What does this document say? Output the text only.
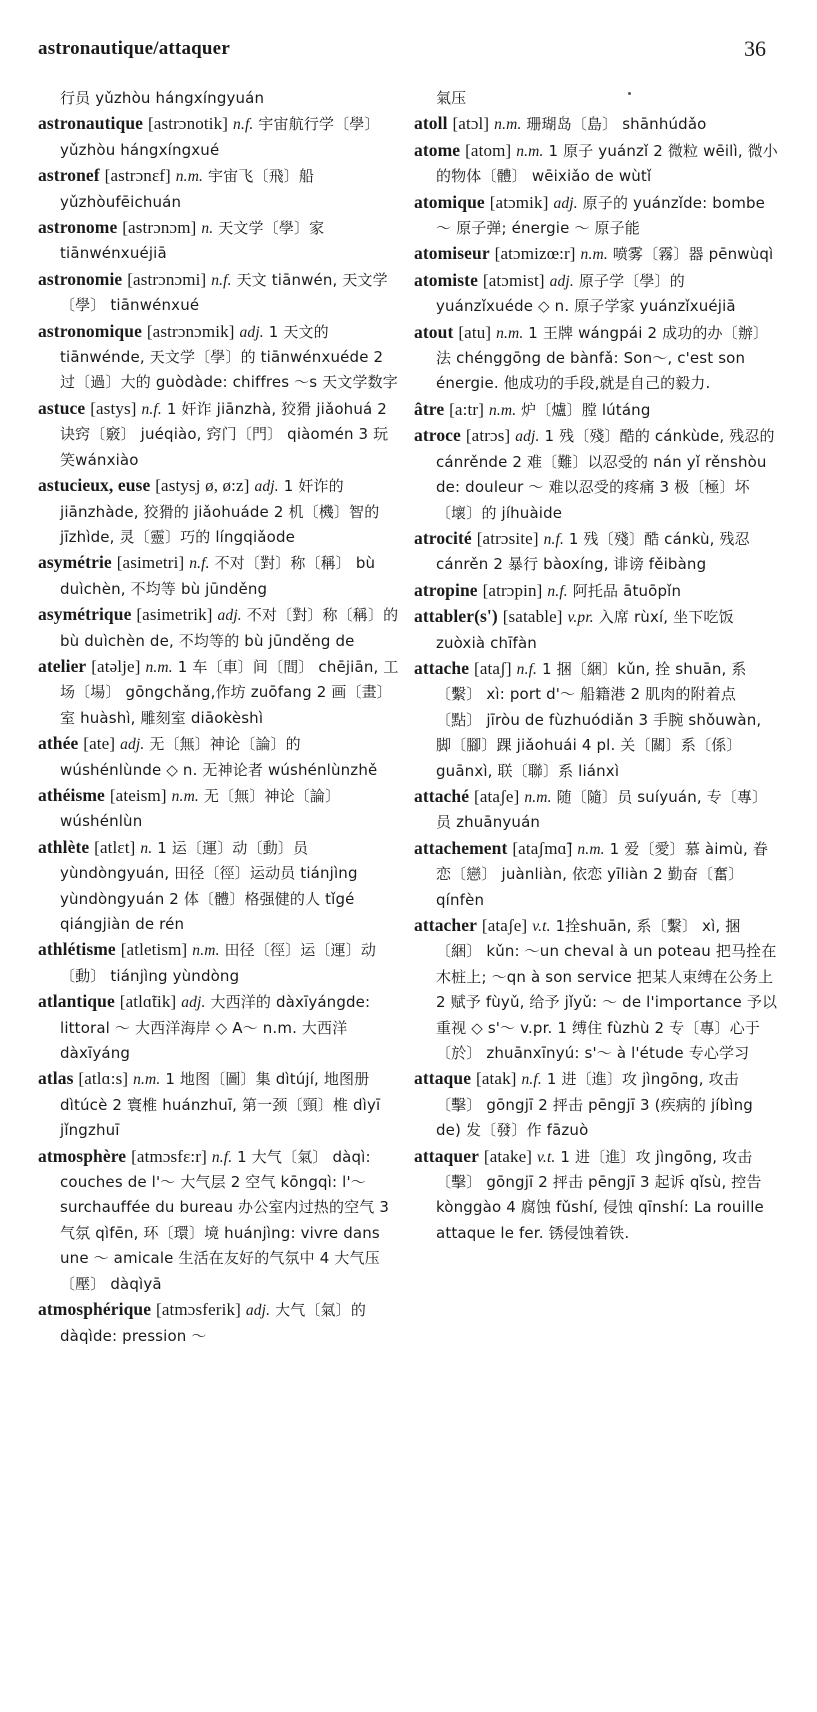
astronautique/attaquer	36

行员 yǔzhòu hángxíngyuán

astronautique [astrɔnotik] n.f. 宇宙航行学〔學〕 yǔzhòu hángxíngxué

astronef [astrɔnɛf] n.m. 宇宙飞〔飛〕船 yǔzhòufēichuán

astronome [astrɔnɔm] n. 天文学〔學〕家 tiānwénxuéjiā

astronomie [astrɔnɔmi] n.f. 天文 tiānwén, 天文学〔學〕 tiānwénxué

astronomique [astrɔnɔmik] adj. 1 天文的 tiānwénde, 天文学〔學〕的 tiānwénxuéde 2 过〔過〕大的 guòdàde: chiffres ～s 天文学数字

astuce [astys] n.f. 1 奸诈 jiānzhà, 狡猾 jiǎohuá 2 诀窍〔竅〕 juéqiào, 窍门〔門〕 qiàomén 3 玩笑wánxiào

astucieux, euse [astysj ø, ø:z] adj. 1 奸诈的 jiānzhàde, 狡猾的 jiǎohuáde 2 机〔機〕智的 jīzhìde, 灵〔靈〕巧的 língqiǎode

asymétrie [asimetri] n.f. 不对〔對〕称〔稱〕 bù duìchèn, 不均等 bù jūnděng

asymétrique [asimetrik] adj. 不对〔對〕称〔稱〕的 bù duìchèn de, 不均等的 bù jūnděng de

atelier [atəlje] n.m. 1 车〔車〕间〔間〕 chējiān, 工场〔場〕 gōngchǎng,作坊 zuōfang 2 画〔畫〕室 huàshì, 雕刻室 diāokèshì

athée [ate] adj. 无〔無〕神论〔論〕的 wúshénlùnde ◇ n. 无神论者 wúshénlùnzhě

athéisme [ateism] n.m. 无〔無〕神论〔論〕 wúshénlùn

athlète [atlɛt] n. 1 运〔運〕动〔動〕员 yùndòngyuán, 田径〔徑〕运动员 tiánjìng yùndòngyuán 2 体〔體〕格强健的人 tǐgé qiángjiàn de rén

athlétisme [atletism] n.m. 田径〔徑〕运〔運〕动〔動〕 tiánjìng yùndòng

atlantique [atlɑ̃tik] adj. 大西洋的 dàxīyángde: littoral ～ 大西洋海岸 ◇ A～ n.m. 大西洋 dàxīyáng

atlas [atlɑ:s] n.m. 1 地图〔圖〕集 dìtújí, 地图册 dìtúcè 2 寰椎 huánzhuī, 第一颈〔頸〕椎 dìyī jǐngzhuī

atmosphère [atmɔsfɛ:r] n.f. 1 大气〔氣〕 dàqì: couches de l'～ 大气层 2 空气 kōngqì: l'～ surchauffée du bureau 办公室内过热的空气 3 气氛 qìfēn, 环〔環〕境 huánjìng: vivre dans une ～ amicale 生活在友好的气氛中 4 大气压〔壓〕 dàqìyā

atmosphérique [atmɔsferik] adj. 大气〔氣〕的 dàqìde: pression ～

氣压

atoll [atɔl] n.m. 珊瑚岛〔島〕 shānhúdǎo

atome [atom] n.m. 1 原子 yuánzǐ 2 微粒 wēilì, 微小的物体〔體〕 wēixiǎo de wùtǐ

atomique [atɔmik] adj. 原子的 yuánzǐde: bombe ～ 原子弹; énergie ～ 原子能

atomiseur [atɔmizœ:r] n.m. 喷雾〔霧〕器 pēnwùqì

atomiste [atɔmist] adj. 原子学〔學〕的 yuánzǐxuéde ◇ n. 原子学家 yuánzǐxuéjiā

atout [atu] n.m. 1 王牌 wángpái 2 成功的办〔辦〕法 chénggōng de bànfǎ: Son～, c'est son énergie. 他成功的手段,就是自己的毅力.

âtre [a:tr] n.m. 炉〔爐〕膛 lútáng

atroce [atrɔs] adj. 1 残〔殘〕酷的 cánkùde, 残忍的 cánrěnde 2 难〔難〕以忍受的 nán yǐ rěnshòu de: douleur ～ 难以忍受的疼痛 3 极〔極〕坏〔壞〕的 jíhuàide

atrocité [atrɔsite] n.f. 1 残〔殘〕酷 cánkù, 残忍 cánrěn 2 暴行 bàoxíng, 诽谤 fěibàng

atropine [atrɔpin] n.f. 阿托品 ātuōpǐn

attabler(s') [satable] v.pr. 入席 rùxí, 坐下吃饭 zuòxià chīfàn

attache [ataʃ] n.f. 1 捆〔綑〕kǔn, 拴 shuān, 系〔繫〕 xì: port d'～ 船籍港 2 肌肉的附着点〔點〕 jīròu de fùzhuódiǎn 3 手腕 shǒuwàn, 脚〔腳〕踝 jiǎohuái 4 pl. 关〔關〕系〔係〕 guānxì, 联〔聯〕系 liánxì

attaché [ataʃe] n.m. 随〔隨〕员 suíyuán, 专〔專〕员 zhuānyuán

attachement [ataʃmɑ̃] n.m. 1 爱〔愛〕慕 àimù, 眷恋〔戀〕 juànliàn, 依恋 yīliàn 2 勤奋〔奮〕 qínfèn

attacher [ataʃe] v.t. 1拴shuān, 系〔繫〕 xì, 捆〔綑〕 kǔn: ～un cheval à un poteau 把马拴在木桩上; ～qn à son service 把某人束缚在公务上 2 赋予 fùyǔ, 给予 jǐyǔ: ～ de l'importance 予以重视 ◇ s'～ v.pr. 1 缚住 fùzhù 2 专〔專〕心于〔於〕 zhuānxīnyú: s'～ à l'étude 专心学习

attaque [atak] n.f. 1 进〔進〕攻 jìngōng, 攻击〔擊〕 gōngjī 2 抨击 pēngjī 3 (疾病的 jíbìng de) 发〔發〕作 fāzuò

attaquer [atake] v.t. 1 进〔進〕攻 jìngōng, 攻击〔擊〕 gōngjī 2 抨击 pēngjī 3 起诉 qǐsù, 控告 kònggào 4 腐蚀 fǔshí, 侵蚀 qīnshí: La rouille attaque le fer. 锈侵蚀着铁.
